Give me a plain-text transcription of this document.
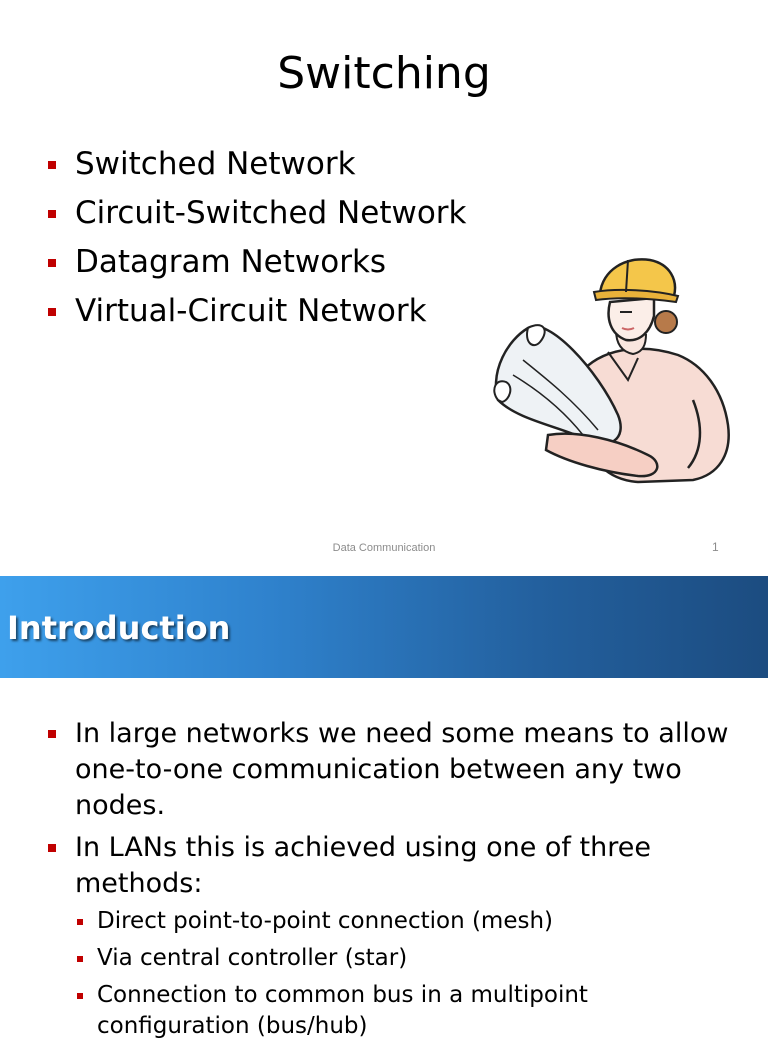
Switching
Switched Network
Circuit-Switched Network
Datagram Networks
Virtual-Circuit Network
Data Communication	1
Introduction
In large networks we need some means to allow one-to-one communication between any two nodes.
In LANs this is achieved using one of three methods:
Direct point-to-point connection (mesh)
Via central controller (star)
Connection to common bus in a multipoint configuration (bus/hub)
